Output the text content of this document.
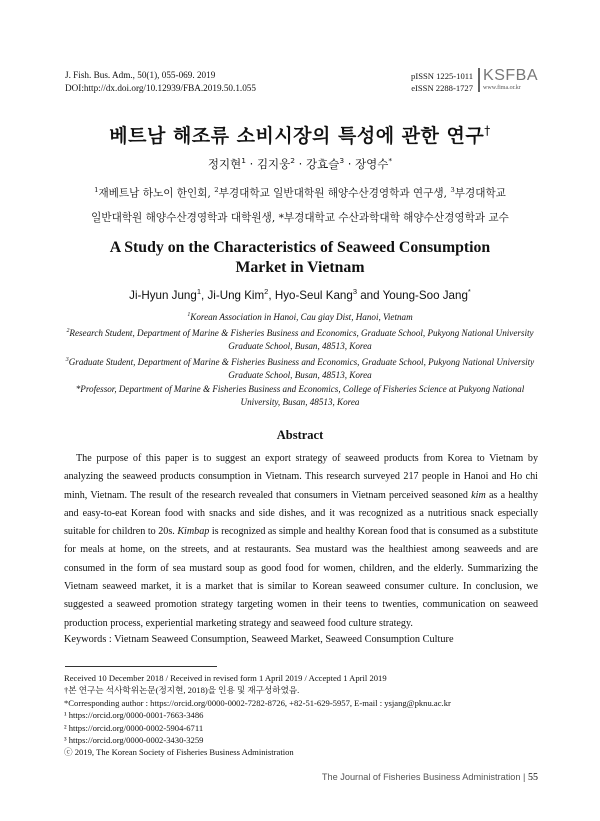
J. Fish. Bus. Adm., 50(1), 055-069. 2019
DOI:http://dx.doi.org/10.12939/FBA.2019.50.1.055
pISSN 1225-1011
eISSN 2288-1727
KSFBA
www.fima.or.kr
베트남 해조류 소비시장의 특성에 관한 연구†
정지현$^1$ · 김지웅$^2$ · 강효슬$^3$ · 장영수*
$^1$재베트남 하노이 한인회, $^2$부경대학교 일반대학원 해양수산경영학과 연구생, $^3$부경대학교
일반대학원 해양수산경영학과 대학원생, *부경대학교 수산과학대학 해양수산경영학과 교수
A Study on the Characteristics of Seaweed Consumption
Market in Vietnam
Ji-Hyun Jung$^1$, Ji-Ung Kim$^2$, Hyo-Seul Kang$^3$ and Young-Soo Jang*

$^1$Korean Association in Hanoi, Cau giay Dist, Hanoi, Vietnam

$^2$Research Student, Department of Marine & Fisheries Business and Economics, Graduate School, Pukyong National University Graduate School, Busan, 48513, Korea

$^3$Graduate Student, Department of Marine & Fisheries Business and Economics, Graduate School, Pukyong National University Graduate School, Busan, 48513, Korea

*Professor, Department of Marine & Fisheries Business and Economics, College of Fisheries Science at Pukyong National University, Busan, 48513, Korea

Abstract

The purpose of this paper is to suggest an export strategy of seaweed products from Korea to Vietnam by analyzing the seaweed products consumption in Vietnam. This research surveyed 217 people in Hanoi and Ho chi minh, Vietnam. The result of the research revealed that consumers in Vietnam perceived seasoned kim as a healthy and easy-to-eat Korean food with snacks and side dishes, and it was recognized as a nutritious snack especially suitable for children to 20s. Kimbap is recognized as simple and healthy Korean food that is consumed as a substitute for meals at home, on the streets, and at restaurants. Sea mustard was the healthiest among seaweeds and are consumed in the form of sea mustard soup as good food for women, children, and the elderly. Summarizing the Vietnam seaweed market, it is a market that is similar to Korean seaweed consumer culture. In conclusion, we suggested a seaweed promotion strategy targeting women in their teens to twenties, communication on seaweed production process, experiential marketing strategy and seaweed food culture strategy.

Keywords : Vietnam Seaweed Consumption, Seaweed Market, Seaweed Consumption Culture
Received 10 December 2018 / Received in revised form 1 April 2019 / Accepted 1 April 2019
†본 연구는 석사학위논문(정지현, 2018)을 인용 및 재구성하였음.
*Corresponding author : https://orcid.org/0000-0002-7282-8726, +82-51-629-5957, E-mail : ysjang@pknu.ac.kr
¹ https://orcid.org/0000-0001-7663-3486
² https://orcid.org/0000-0002-5904-6711
³ https://orcid.org/0000-0002-3430-3259
ⓒ 2019, The Korean Society of Fisheries Business Administration
The Journal of Fisheries Business Administration | 55
